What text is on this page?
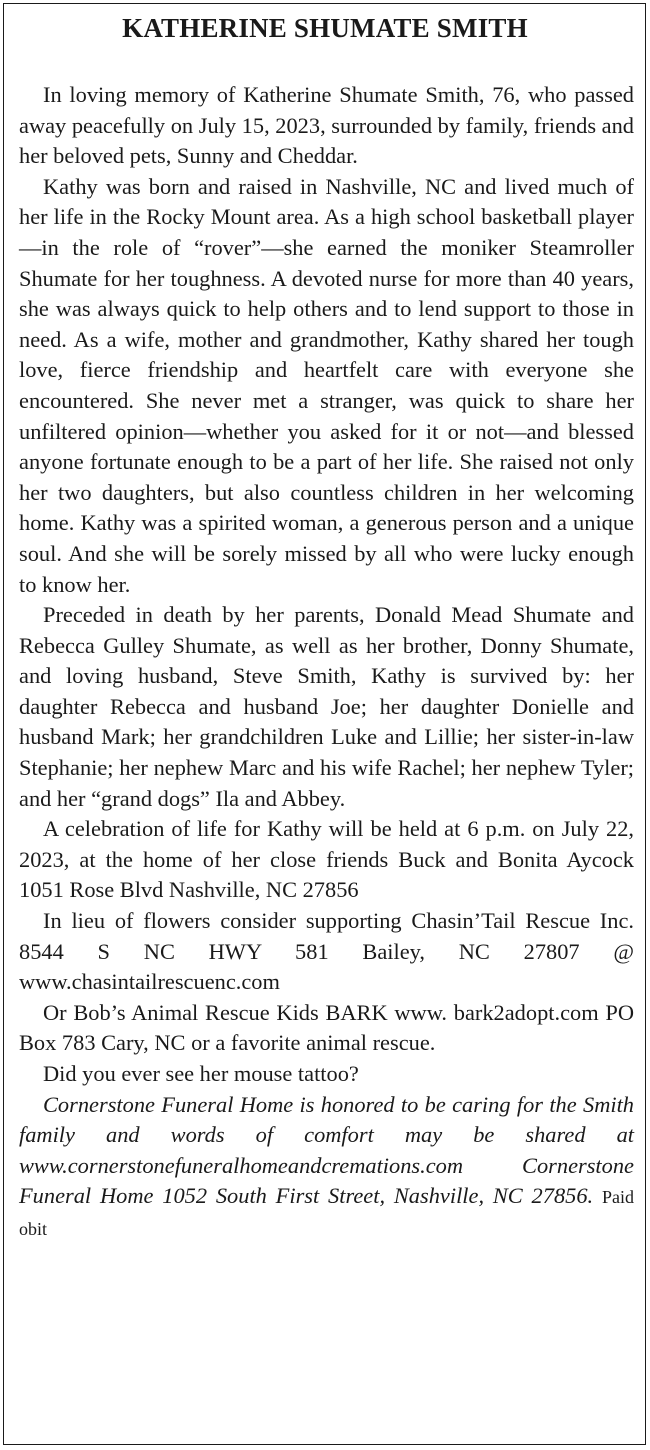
KATHERINE SHUMATE SMITH

In loving memory of Katherine Shumate Smith, 76, who passed away peacefully on July 15, 2023, surrounded by family, friends and her beloved pets, Sunny and Cheddar.

Kathy was born and raised in Nashville, NC and lived much of her life in the Rocky Mount area. As a high school basketball player—in the role of “rover”—she earned the moniker Steamroller Shumate for her toughness. A devoted nurse for more than 40 years, she was always quick to help others and to lend support to those in need. As a wife, mother and grandmother, Kathy shared her tough love, fierce friendship and heartfelt care with everyone she encountered. She never met a stranger, was quick to share her unfiltered opinion—whether you asked for it or not—and blessed anyone fortunate enough to be a part of her life. She raised not only her two daughters, but also countless children in her welcoming home. Kathy was a spirited woman, a generous person and a unique soul. And she will be sorely missed by all who were lucky enough to know her.

Preceded in death by her parents, Donald Mead Shumate and Rebecca Gulley Shumate, as well as her brother, Donny Shumate, and loving husband, Steve Smith, Kathy is survived by: her daughter Rebecca and husband Joe; her daughter Donielle and husband Mark; her grandchildren Luke and Lillie; her sister-in-law Stephanie; her nephew Marc and his wife Rachel; her nephew Tyler; and her “grand dogs” Ila and Abbey.

A celebration of life for Kathy will be held at 6 p.m. on July 22, 2023, at the home of her close friends Buck and Bonita Aycock 1051 Rose Blvd Nashville, NC 27856

In lieu of flowers consider supporting Chasin’Tail Rescue Inc. 8544 S NC HWY 581 Bailey, NC 27807 @ www.chasintailrescuenc.com

Or Bob’s Animal Rescue Kids BARK www. bark2adopt.com PO Box 783 Cary, NC or a favorite animal rescue.

Did you ever see her mouse tattoo?

Cornerstone Funeral Home is honored to be caring for the Smith family and words of comfort may be shared at www.cornerstonefuneralhomeandcremations.com Cornerstone Funeral Home 1052 South First Street, Nashville, NC 27856. Paid obit
